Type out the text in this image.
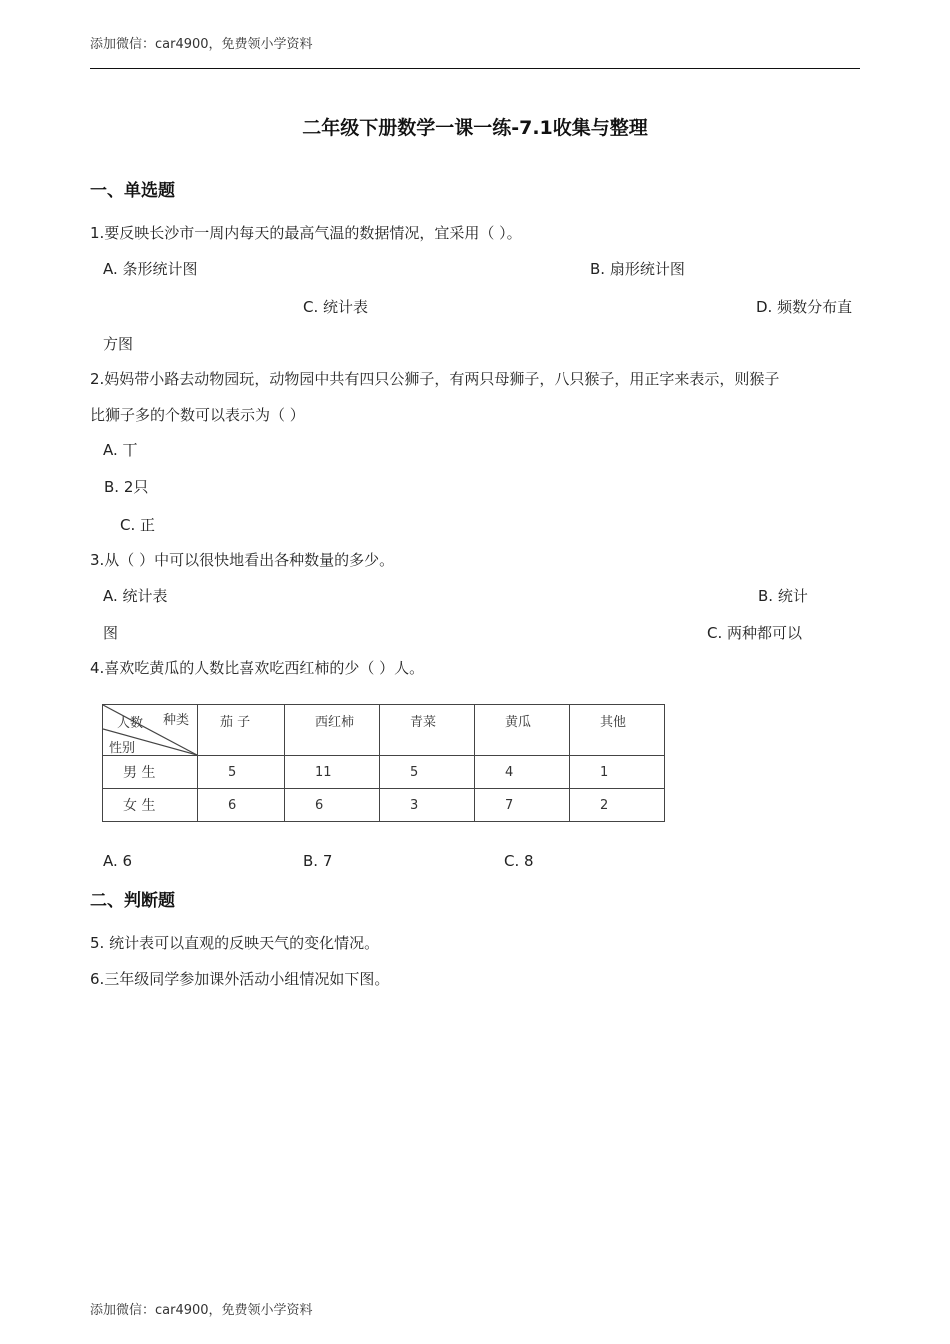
添加微信：car4900，免费领小学资料
二年级下册数学一课一练-7.1收集与整理
一、单选题
1.要反映长沙市一周内每天的最高气温的数据情况，宜采用（ ）。
A. 条形统计图	B. 扇形统计图
C. 统计表	D. 频数分布直
方图
2.妈妈带小路去动物园玩，动物园中共有四只公狮子，有两只母狮子，八只猴子，用正字来表示，则猴子
比狮子多的个数可以表示为（ ）
A. 丅
B. 2只
C. 正
3.从（ ）中可以很快地看出各种数量的多少。
A. 统计表	B. 统计
图	C. 两种都可以
4.喜欢吃黄瓜的人数比喜欢吃西红柿的少（ ）人。
种类
人数
性别	茄 子	西红柿	青菜	黄瓜	其他
男 生	5	11	5	4	1
女 生	6	6	3	7	2
A. 6	B. 7	C. 8
二、判断题
5. 统计表可以直观的反映天气的变化情况。
6.三年级同学参加课外活动小组情况如下图。
添加微信：car4900，免费领小学资料
